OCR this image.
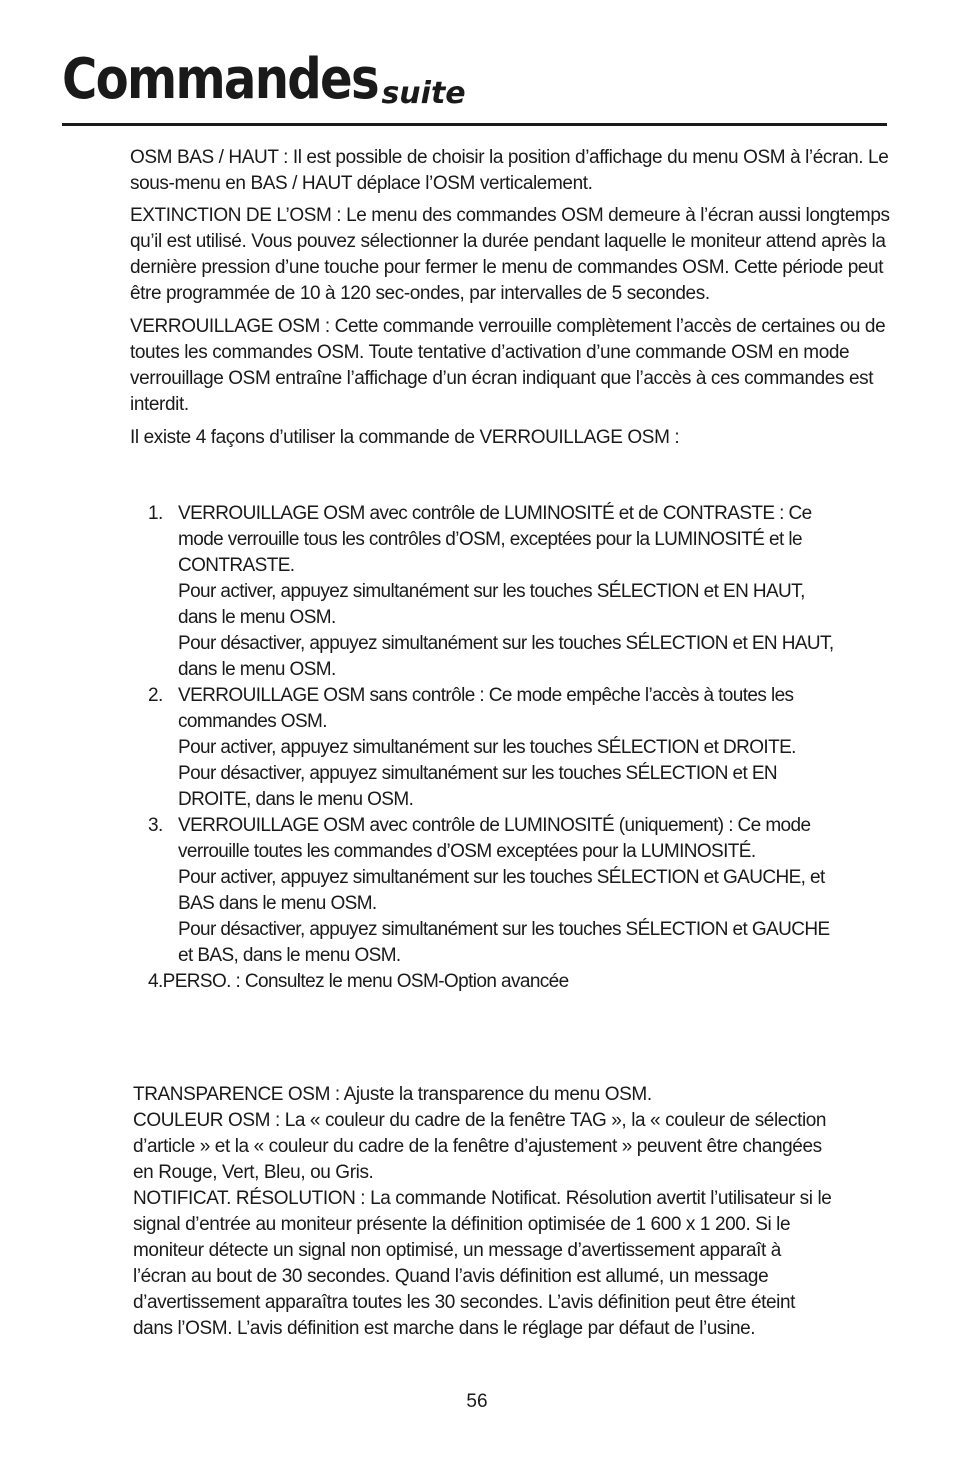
Commandes
– suite

OSM BAS / HAUT : Il est possible de choisir la position d’affichage du menu OSM à l’écran. Le sous-menu en BAS / HAUT déplace l’OSM verticalement.

EXTINCTION DE L’OSM : Le menu des commandes OSM demeure à l’écran aussi longtemps qu’il est utilisé. Vous pouvez sélectionner la durée pendant laquelle le moniteur attend après la dernière pression d’une touche pour fermer le menu de commandes OSM. Cette période peut être programmée de 10 à 120 sec-ondes, par intervalles de 5 secondes.

VERROUILLAGE OSM : Cette commande verrouille complètement l’accès de certaines ou de toutes les commandes OSM. Toute tentative d’activation d’une commande OSM en mode verrouillage OSM entraîne l’affichage d’un écran indiquant que l’accès à ces commandes est interdit.

Il existe 4 façons d’utiliser la commande de VERROUILLAGE OSM :

1. VERROUILLAGE OSM avec contrôle de LUMINOSITÉ et de CONTRASTE : Ce mode verrouille tous les contrôles d’OSM, exceptées pour la LUMINOSITÉ et le CONTRASTE.
Pour activer, appuyez simultanément sur les touches SÉLECTION et EN HAUT, dans le menu OSM.
Pour désactiver, appuyez simultanément sur les touches SÉLECTION et EN HAUT, dans le menu OSM.
2. VERROUILLAGE OSM sans contrôle : Ce mode empêche l’accès à toutes les commandes OSM.
Pour activer, appuyez simultanément sur les touches SÉLECTION et DROITE.
Pour désactiver, appuyez simultanément sur les touches SÉLECTION et EN DROITE, dans le menu OSM.
3. VERROUILLAGE OSM avec contrôle de LUMINOSITÉ (uniquement) : Ce mode verrouille toutes les commandes d’OSM exceptées pour la LUMINOSITÉ.
Pour activer, appuyez simultanément sur les touches SÉLECTION et GAUCHE, et BAS dans le menu OSM.
Pour désactiver, appuyez simultanément sur les touches SÉLECTION et GAUCHE et BAS, dans le menu OSM.
4.PERSO. : Consultez le menu OSM-Option avancée

TRANSPARENCE OSM : Ajuste la transparence du menu OSM.

COULEUR OSM : La « couleur du cadre de la fenêtre TAG », la « couleur de sélection d’article » et la « couleur du cadre de la fenêtre d’ajustement » peuvent être changées en Rouge, Vert, Bleu, ou Gris.

NOTIFICAT. RÉSOLUTION : La commande Notificat. Résolution avertit l’utilisateur si le signal d’entrée au moniteur présente la définition optimisée de 1 600 x 1 200. Si le moniteur détecte un signal non optimisé, un message d’avertissement apparaît à l’écran au bout de 30 secondes. Quand l’avis définition est allumé, un message d’avertissement apparaîtra toutes les 30 secondes. L’avis définition peut être éteint dans l’OSM. L’avis définition est marche dans le réglage par défaut de l’usine.

56
